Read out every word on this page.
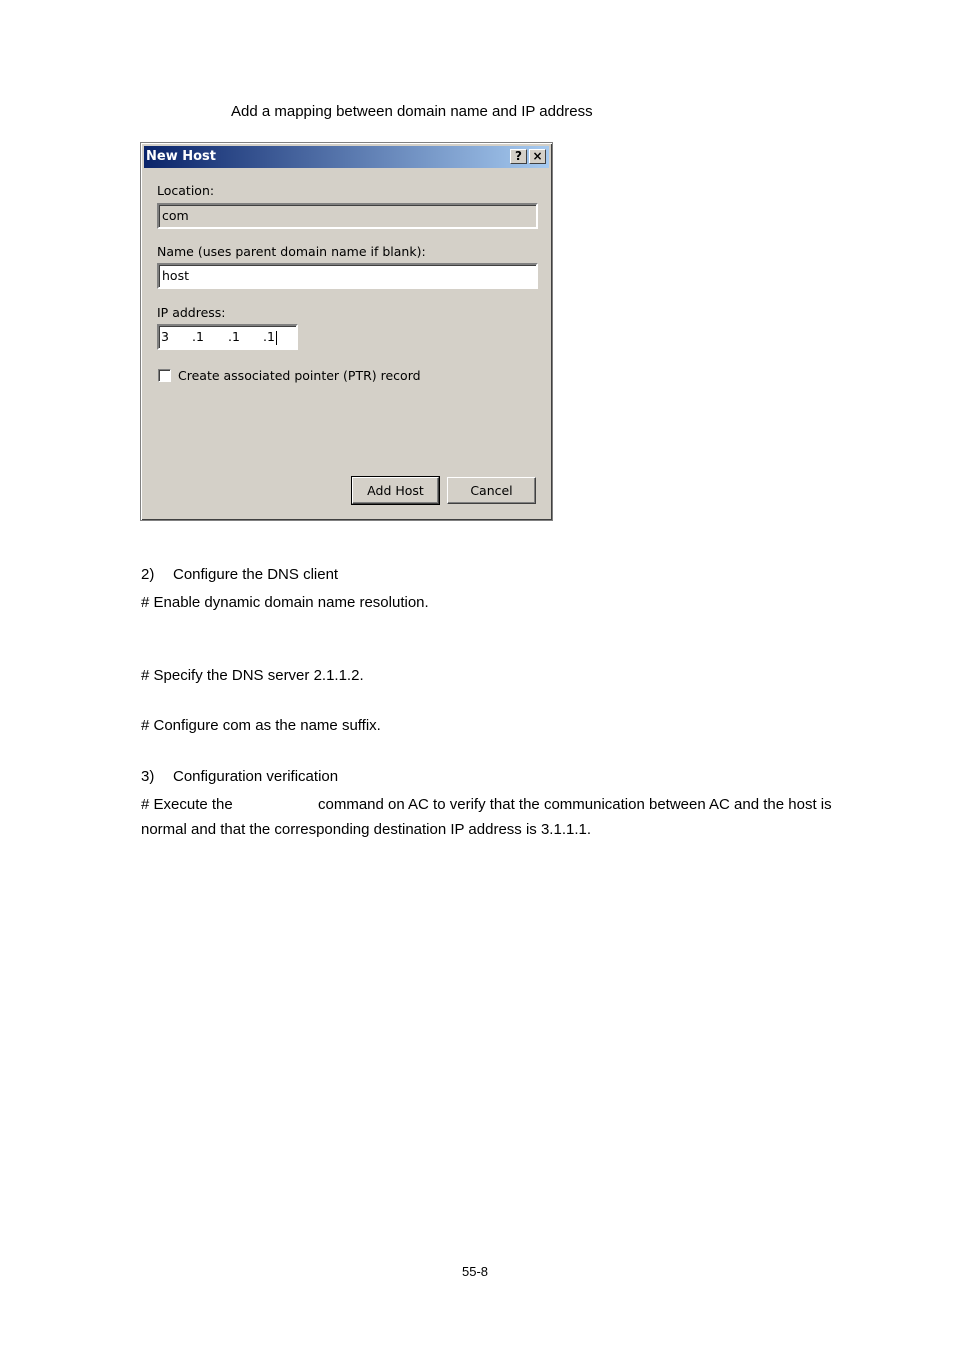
Add a mapping between domain name and IP address
New Host	? ×
Location:
com
Name (uses parent domain name if blank):
host
IP address:
3 .1 .1 .1
Create associated pointer (PTR) record
Add Host	Cancel
2) Configure the DNS client
# Enable dynamic domain name resolution.
# Specify the DNS server 2.1.1.2.
# Configure com as the name suffix.
3) Configuration verification
# Execute the	command on AC to verify that the communication between AC and the host is
normal and that the corresponding destination IP address is 3.1.1.1.
55-8
